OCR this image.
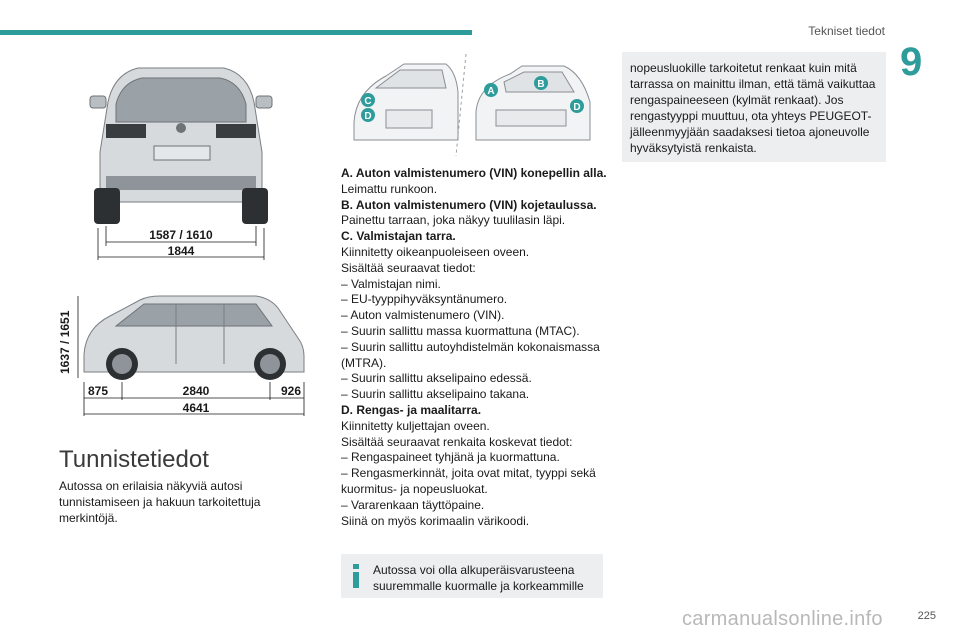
Tekniset tiedot
9
1587 / 1610
1844
1637 / 1651
875	2840	926
4641
C
D
A
B
D
Tunnistetiedot
Autossa on erilaisia näkyviä autosi tunnistamiseen ja hakuun tarkoitettuja merkintöjä.

A. Auton valmistenumero (VIN) konepellin alla.

Leimattu runkoon.

B. Auton valmistenumero (VIN) kojetaulussa.

Painettu tarraan, joka näkyy tuulilasin läpi.

C. Valmistajan tarra.

Kiinnitetty oikeanpuoleiseen oveen.

Sisältää seuraavat tiedot:

– Valmistajan nimi.

– EU-tyyppihyväksyntänumero.

– Auton valmistenumero (VIN).

– Suurin sallittu massa kuormattuna (MTAC).

– Suurin sallittu autoyhdistelmän kokonaismassa (MTRA).

– Suurin sallittu akselipaino edessä.

– Suurin sallittu akselipaino takana.

D. Rengas- ja maalitarra.

Kiinnitetty kuljettajan oveen.

Sisältää seuraavat renkaita koskevat tiedot:

– Rengaspaineet tyhjänä ja kuormattuna.

– Rengasmerkinnät, joita ovat mitat, tyyppi sekä kuormitus- ja nopeusluokat.

– Vararenkaan täyttöpaine.

Siinä on myös korimaalin värikoodi.

Autossa voi olla alkuperäisvarusteena suuremmalle kuormalle ja korkeammille
nopeusluokille tarkoitetut renkaat kuin mitä tarrassa on mainittu ilman, että tämä vaikuttaa rengaspaineeseen (kylmät renkaat). Jos rengastyyppi muuttuu, ota yhteys PEUGEOT-jälleenmyyjään saadaksesi tietoa ajoneuvolle hyväksytyistä renkaista.
carmanualsonline.info	225
